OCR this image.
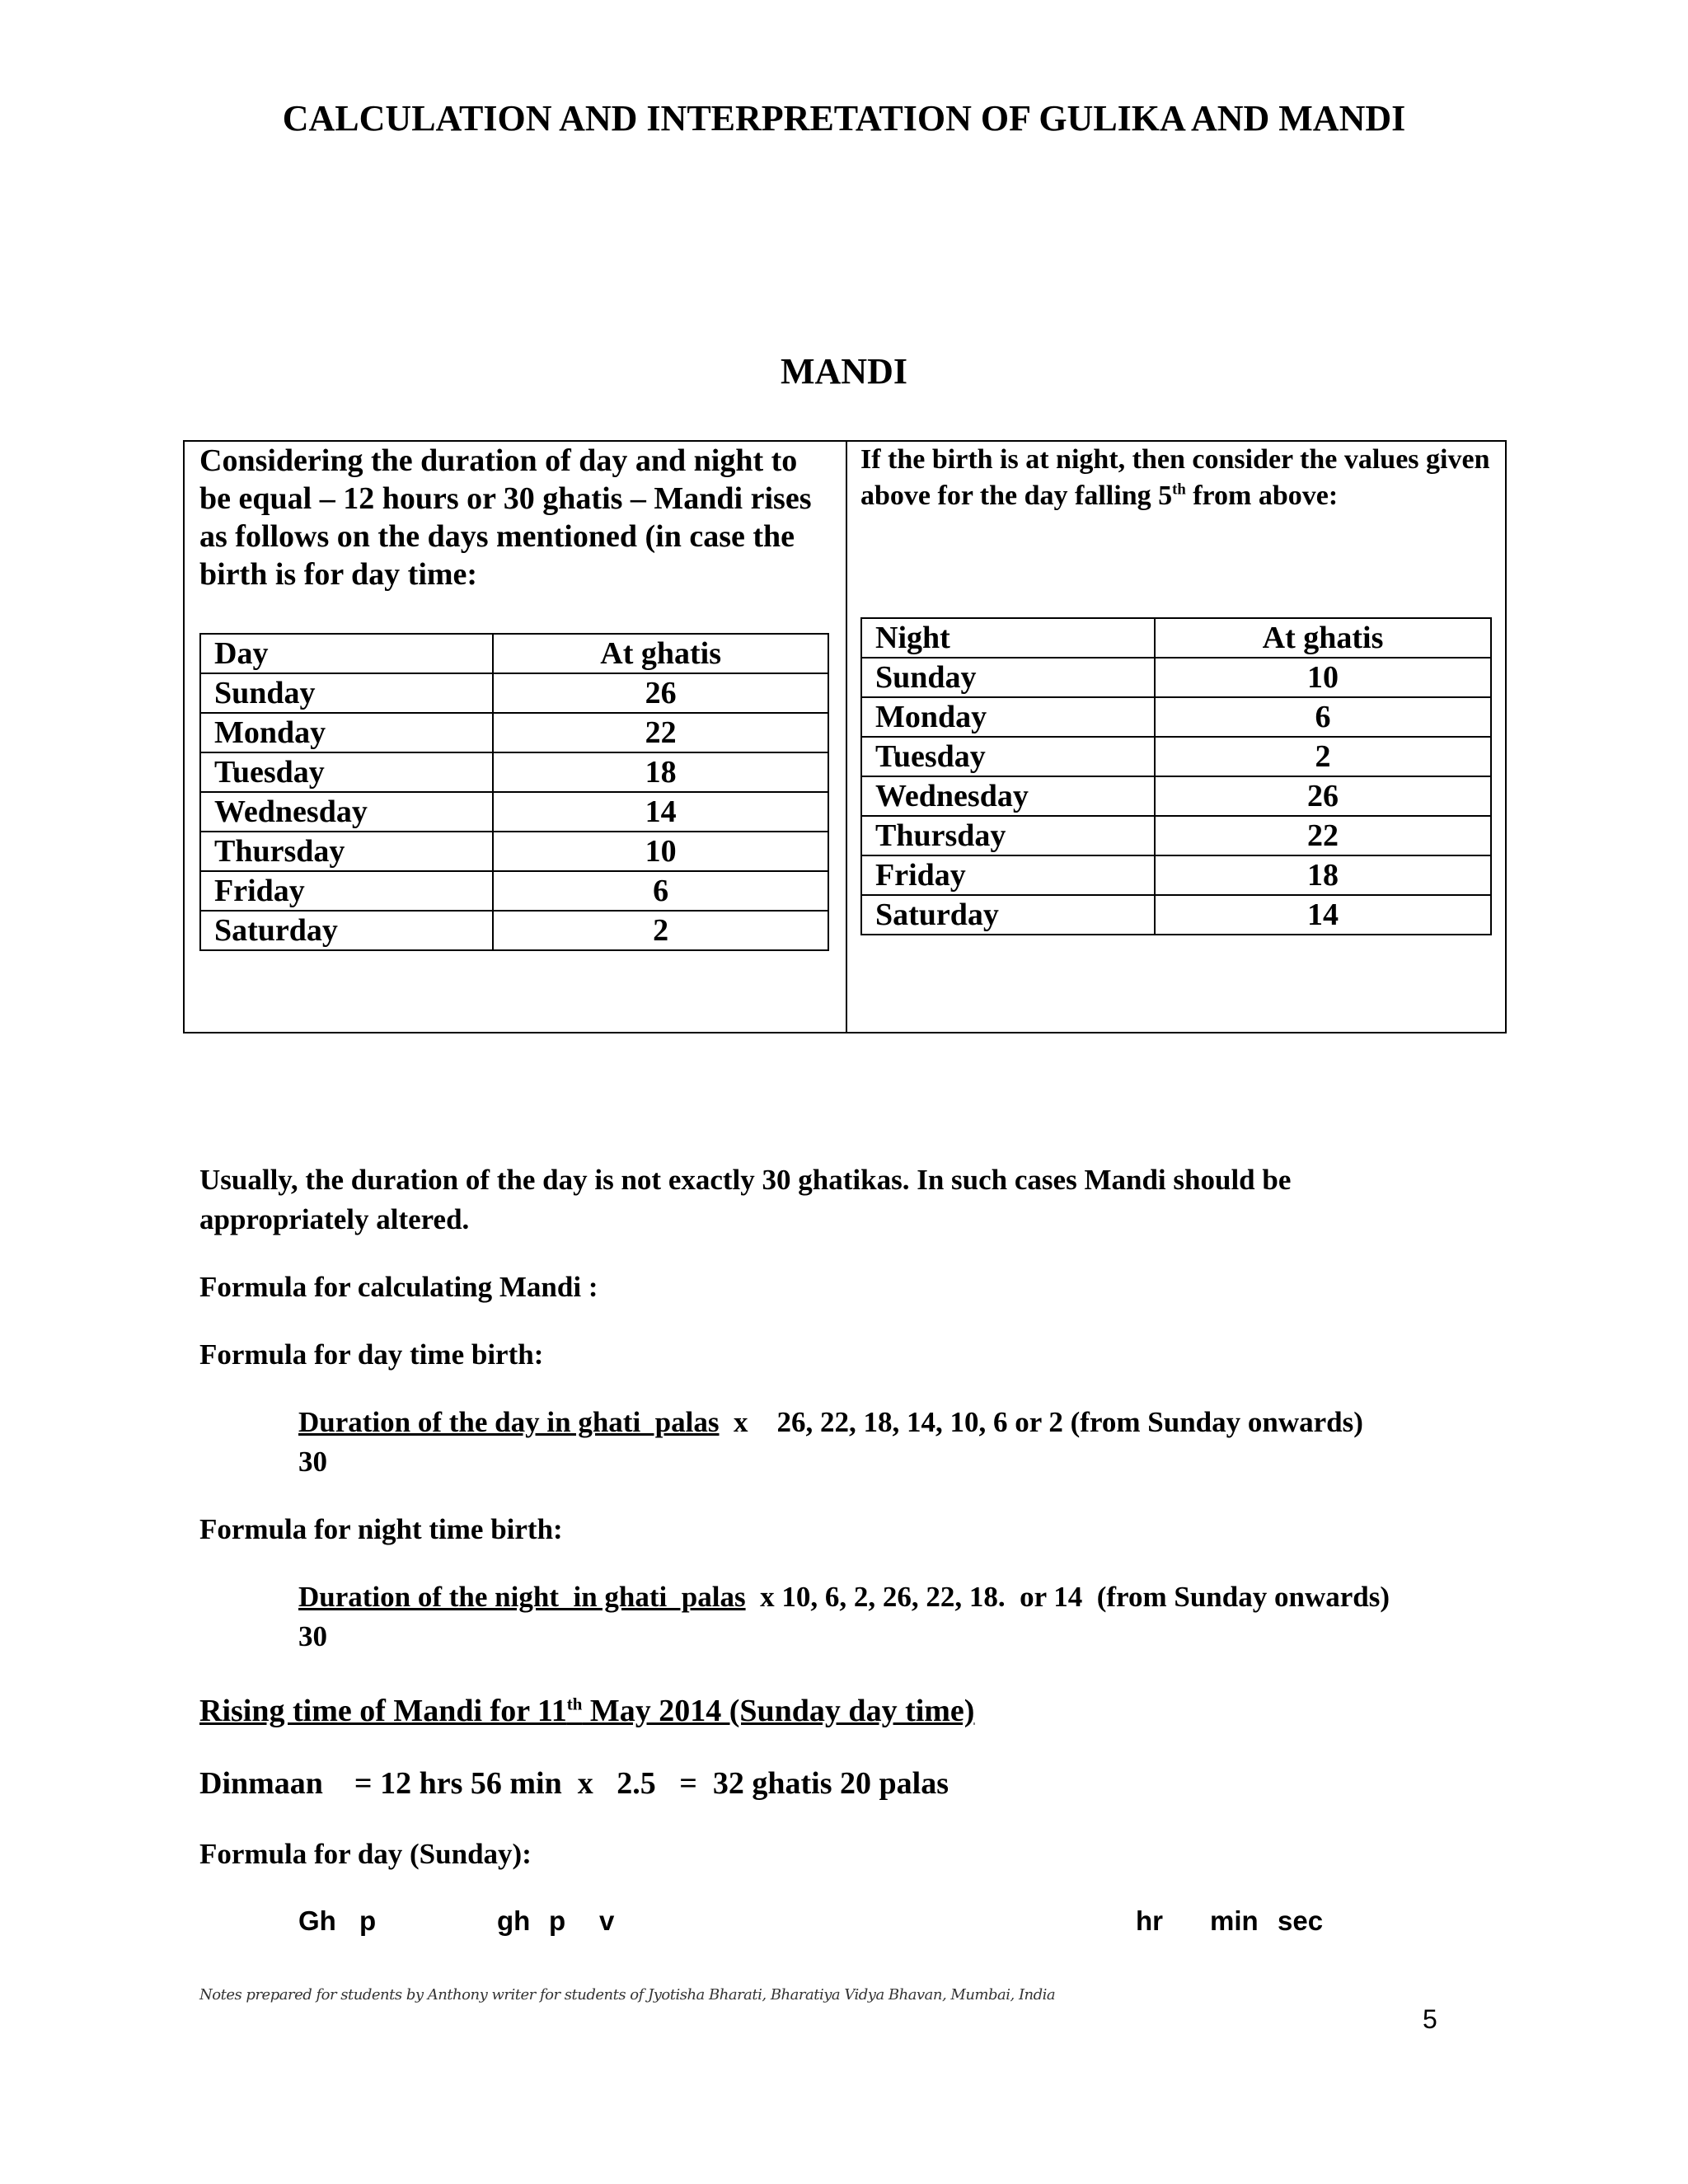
CALCULATION AND INTERPRETATION OF GULIKA AND MANDI
MANDI
Considering the duration of day and night to be equal – 12 hours or 30 ghatis – Mandi rises as follows on the days mentioned (in case the birth is for day time:
Day	At ghatis
Sunday	26
Monday	22
Tuesday	18
Wednesday	14
Thursday	10
Friday	6
Saturday	2
If the birth is at night, then consider the values given above for the day falling 5th from above:
Night	At ghatis
Sunday	10
Monday	6
Tuesday	2
Wednesday	26
Thursday	22
Friday	18
Saturday	14
Usually, the duration of the day is not exactly 30 ghatikas. In such cases Mandi should be appropriately altered.
Formula for calculating Mandi :
Formula for day time birth:
Duration of the day in ghati  palas  x    26, 22, 18, 14, 10, 6 or 2 (from Sunday onwards)
30
Formula for night time birth:
Duration of the night  in ghati  palas  x 10, 6, 2, 26, 22, 18.  or 14  (from Sunday onwards)
30
Rising time of Mandi for 11th May 2014 (Sunday day time)
Dinmaan    = 12 hrs 56 min  x   2.5   =  32 ghatis 20 palas
Formula for day (Sunday):
Gh p	gh p v	hr min sec
Notes prepared for students by Anthony writer for students of Jyotisha Bharati, Bharatiya Vidya Bhavan, Mumbai, India
5
